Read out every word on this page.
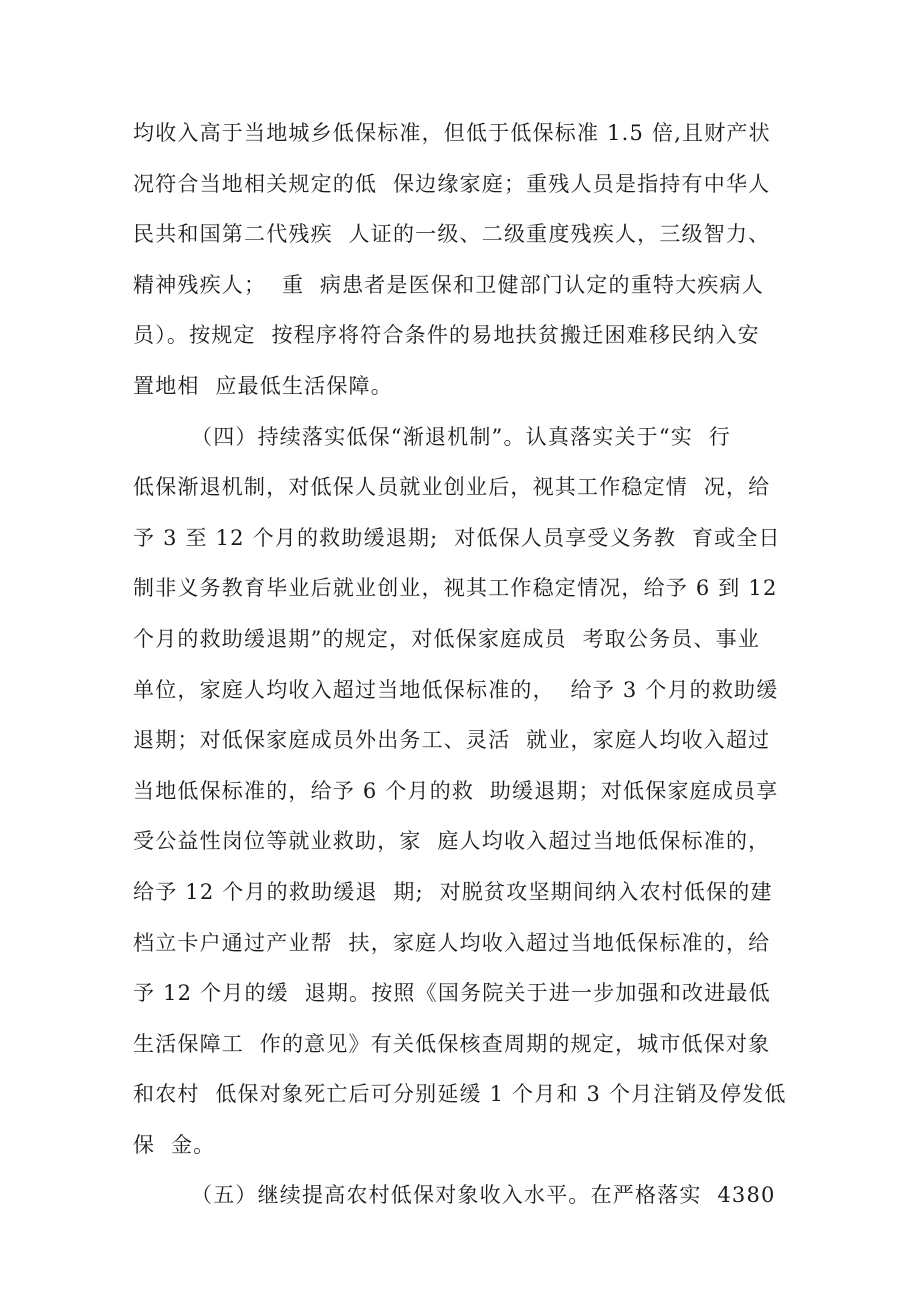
均收入高于当地城乡低保标准，但低于低保标准 1.5 倍,且财产状
况符合当地相关规定的低  保边缘家庭；重残人员是指持有中华人
民共和国第二代残疾  人证的一级、二级重度残疾人，三级智力、
精神残疾人；  重  病患者是医保和卫健部门认定的重特大疾病人
员）。按规定  按程序将符合条件的易地扶贫搬迁困难移民纳入安
置地相  应最低生活保障。
（四）持续落实低保“渐退机制”。认真落实关于“实  行
低保渐退机制，对低保人员就业创业后，视其工作稳定情  况，给
予 3 至 12 个月的救助缓退期;  对低保人员享受义务教  育或全日
制非义务教育毕业后就业创业，视其工作稳定情况，给予 6 到 12
个月的救助缓退期”的规定，对低保家庭成员  考取公务员、事业
单位，家庭人均收入超过当地低保标准的，  给予 3 个月的救助缓
退期；对低保家庭成员外出务工、灵活  就业，家庭人均收入超过
当地低保标准的，给予 6 个月的救  助缓退期；对低保家庭成员享
受公益性岗位等就业救助，家  庭人均收入超过当地低保标准的，
给予 12 个月的救助缓退  期;  对脱贫攻坚期间纳入农村低保的建
档立卡户通过产业帮  扶，家庭人均收入超过当地低保标准的，给
予 12 个月的缓  退期。按照《国务院关于进一步加强和改进最低
生活保障工  作的意见》有关低保核查周期的规定，城市低保对象
和农村  低保对象死亡后可分别延缓 1 个月和 3 个月注销及停发低
保  金。
（五）继续提高农村低保对象收入水平。在严格落实  4380
